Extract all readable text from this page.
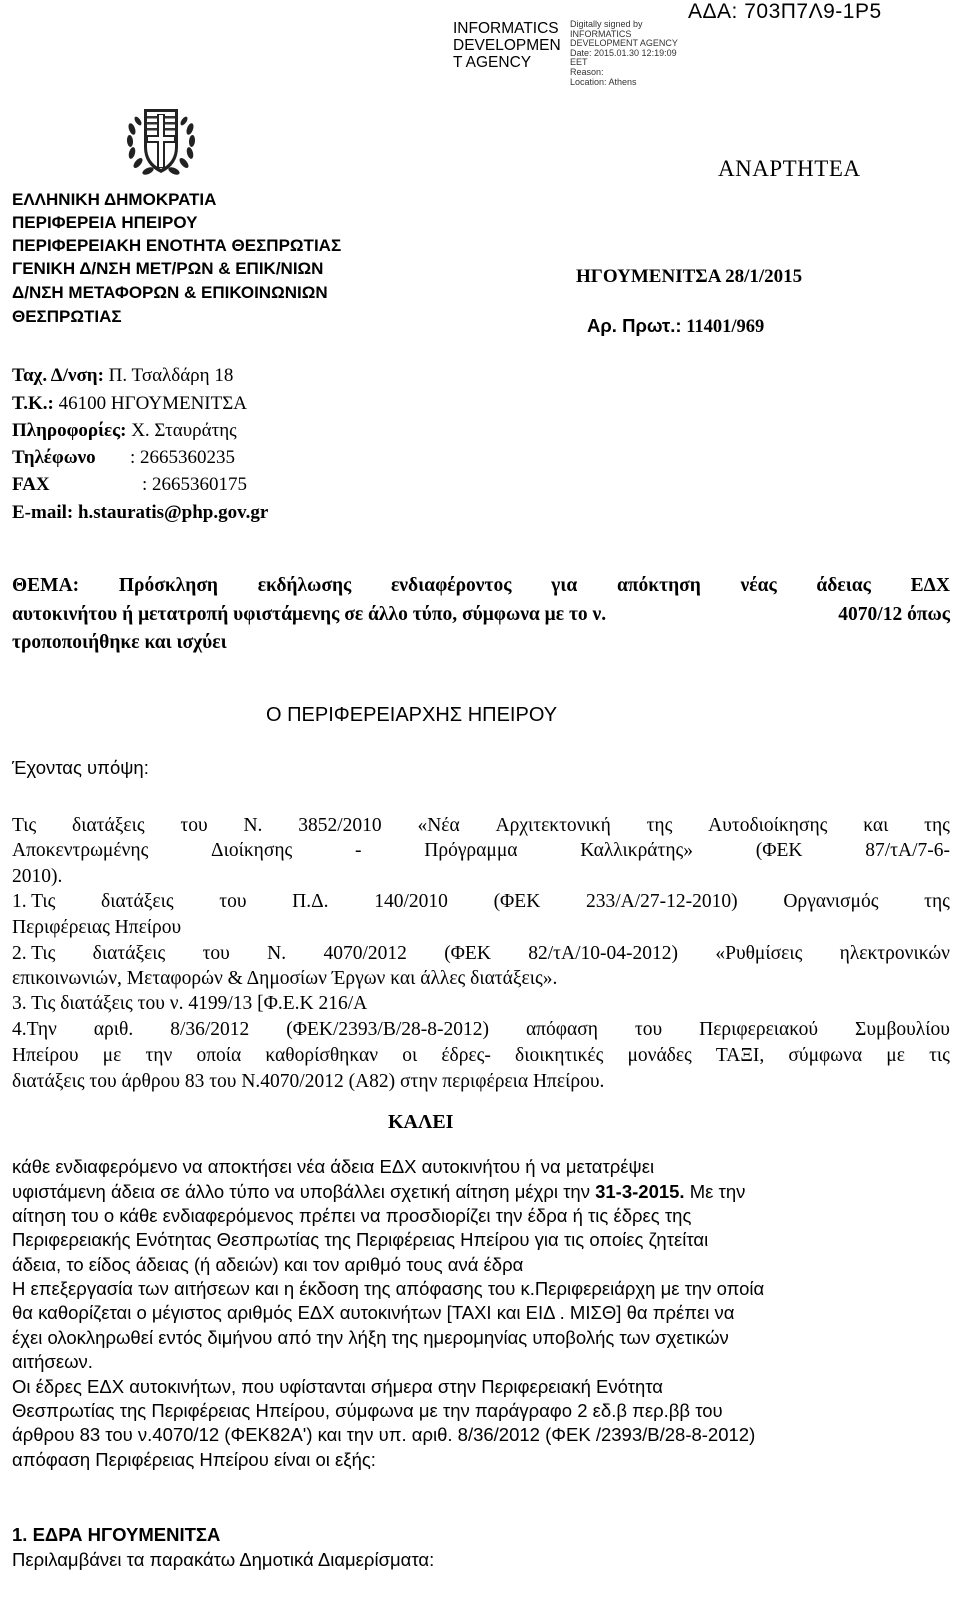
INFORMATICS
DEVELOPMEN
T AGENCY
Digitally signed by
INFORMATICS
DEVELOPMENT AGENCY
Date: 2015.01.30 12:19:09
EET
Reason:
Location: Athens
ΑΔΑ: 703Π7Λ9-1Ρ5
ΑΝΑΡΤΗΤΕΑ
ΕΛΛΗΝΙΚΗ ΔΗΜΟΚΡΑΤΙΑ
ΠΕΡΙΦΕΡΕΙΑ ΗΠΕΙΡΟΥ
ΠΕΡΙΦΕΡΕΙΑΚΗ ΕΝΟΤΗΤΑ ΘΕΣΠΡΩΤΙΑΣ
ΓΕΝΙΚΗ Δ/ΝΣΗ ΜΕΤ/ΡΩΝ & ΕΠΙΚ/ΝΙΩΝ
Δ/ΝΣΗ ΜΕΤΑΦΟΡΩΝ & ΕΠΙΚΟΙΝΩΝΙΩΝ
ΘΕΣΠΡΩΤΙΑΣ
ΗΓΟΥΜΕΝΙΤΣΑ 28/1/2015
Αρ. Πρωτ.: 11401/969
Ταχ. Δ/νση: Π. Τσαλδάρη 18
Τ.Κ.: 46100 ΗΓΟΥΜΕΝΙΤΣΑ
Πληροφορίες: Χ. Σταυράτης
Τηλέφωνο : 2665360235
FAX	: 2665360175
E-mail: h.stauratis@php.gov.gr
ΘΕΜΑ: Πρόσκληση εκδήλωσης ενδιαφέροντος για απόκτηση νέας άδειας ΕΔΧ
αυτοκινήτου ή μετατροπή υφιστάμενης σε άλλο τύπο, σύμφωνα με το ν.	4070/12 όπως
τροποποιήθηκε και ισχύει
Ο ΠΕΡΙΦΕΡΕΙΑΡΧΗΣ ΗΠΕΙΡΟΥ
Έχοντας υπόψη:
Τις διατάξεις του Ν. 3852/2010 «Νέα Αρχιτεκτονική της Αυτοδιοίκησης και της
Αποκεντρωμένης	Διοίκησης	-	Πρόγραμμα	Καλλικράτης»	(ΦΕΚ	87/τΑ/7-6-
2010).
1. Τις διατάξεις του Π.Δ. 140/2010 (ΦΕΚ 233/Α/27-12-2010) Οργανισμός της
Περιφέρειας Ηπείρου
2. Τις διατάξεις του Ν. 4070/2012 (ΦΕΚ 82/τΑ/10-04-2012) «Ρυθμίσεις ηλεκτρονικών
επικοινωνιών, Μεταφορών & Δημοσίων Έργων και άλλες διατάξεις».
3. Τις διατάξεις του ν. 4199/13 [Φ.Ε.Κ 216/Α
4.Την αριθ. 8/36/2012 (ΦΕΚ/2393/Β/28-8-2012) απόφαση του Περιφερειακού Συμβουλίου
Ηπείρου με την οποία καθορίσθηκαν οι έδρες- διοικητικές μονάδες ΤΑΞΙ, σύμφωνα με τις
διατάξεις του άρθρου 83 του Ν.4070/2012 (Α82) στην περιφέρεια Ηπείρου.
ΚΑΛΕΙ
κάθε ενδιαφερόμενο να αποκτήσει νέα άδεια ΕΔΧ αυτοκινήτου ή να μετατρέψει
υφιστάμενη άδεια σε άλλο τύπο να υποβάλλει σχετική αίτηση μέχρι την 31-3-2015. Με την
αίτηση του ο κάθε ενδιαφερόμενος πρέπει να προσδιορίζει την έδρα ή τις έδρες της
Περιφερειακής Ενότητας Θεσπρωτίας της Περιφέρειας Ηπείρου για τις οποίες ζητείται
άδεια, το είδος άδειας (ή αδειών) και τον αριθμό τους ανά έδρα
Η επεξεργασία των αιτήσεων και η έκδοση της απόφασης του κ.Περιφερειάρχη με την οποία
θα καθορίζεται ο μέγιστος αριθμός ΕΔΧ αυτοκινήτων [ΤΑΧΙ και ΕΙΔ . ΜΙΣΘ] θα πρέπει να
έχει ολοκληρωθεί εντός διμήνου από την λήξη της ημερομηνίας υποβολής των σχετικών
αιτήσεων.
Οι έδρες ΕΔΧ αυτοκινήτων, που υφίστανται σήμερα στην Περιφερειακή Ενότητα
Θεσπρωτίας της Περιφέρειας Ηπείρου, σύμφωνα με την παράγραφο 2 εδ.β περ.ββ του
άρθρου 83 του ν.4070/12 (ΦΕΚ82Α') και την υπ. αριθ. 8/36/2012 (ΦΕΚ /2393/Β/28-8-2012)
απόφαση Περιφέρειας Ηπείρου είναι οι εξής:
1. ΕΔΡΑ ΗΓΟΥΜΕΝΙΤΣΑ
Περιλαμβάνει τα παρακάτω Δημοτικά Διαμερίσματα:
